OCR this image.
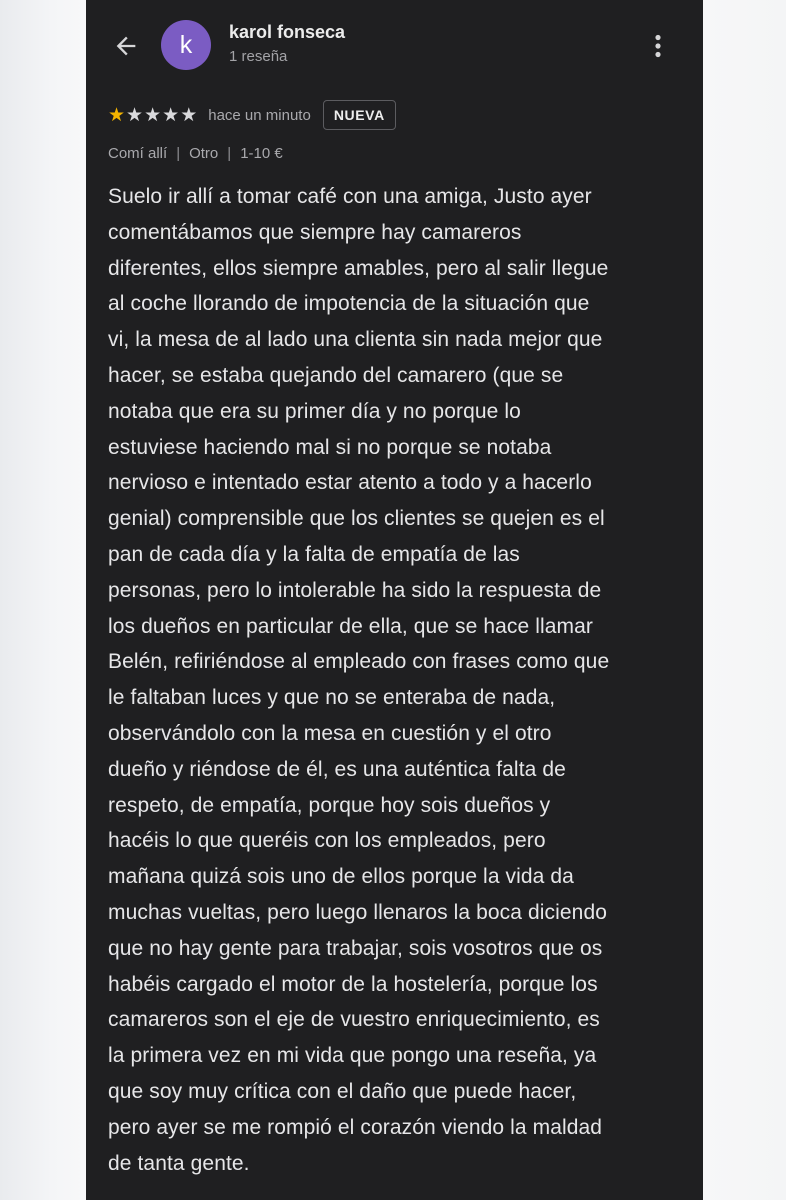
k karol fonseca
1 reseña
★ ★ ★ ★ ★ hace un minuto	NUEVA
Comí allí | Otro | 1-10 €
Suelo ir allí a tomar café con una amiga, Justo ayer
comentábamos que siempre hay camareros
diferentes, ellos siempre amables, pero al salir llegue
al coche llorando de impotencia de la situación que
vi, la mesa de al lado una clienta sin nada mejor que
hacer, se estaba quejando del camarero (que se
notaba que era su primer día y no porque lo
estuviese haciendo mal si no porque se notaba
nervioso e intentado estar atento a todo y a hacerlo
genial) comprensible que los clientes se quejen es el
pan de cada día y la falta de empatía de las
personas, pero lo intolerable ha sido la respuesta de
los dueños en particular de ella, que se hace llamar
Belén, refiriéndose al empleado con frases como que
le faltaban luces y que no se enteraba de nada,
observándolo con la mesa en cuestión y el otro
dueño y riéndose de él, es una auténtica falta de
respeto, de empatía, porque hoy sois dueños y
hacéis lo que queréis con los empleados, pero
mañana quizá sois uno de ellos porque la vida da
muchas vueltas, pero luego llenaros la boca diciendo
que no hay gente para trabajar, sois vosotros que os
habéis cargado el motor de la hostelería, porque los
camareros son el eje de vuestro enriquecimiento, es
la primera vez en mi vida que pongo una reseña, ya
que soy muy crítica con el daño que puede hacer,
pero ayer se me rompió el corazón viendo la maldad
de tanta gente.
